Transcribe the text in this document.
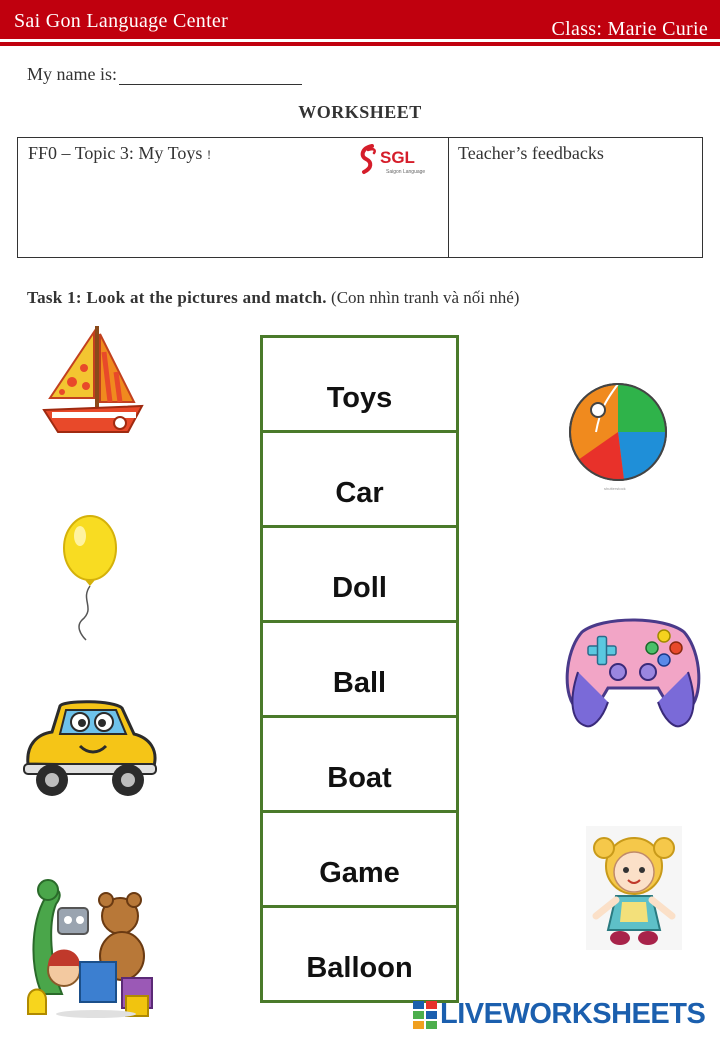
Sai Gon Language Center	Class: Marie Curie
My name is:
WORKSHEET
FF0 – Topic 3: My Toys !	SGL
Saigon Language
Teacher’s feedbacks
Task 1: Look at the pictures and match. (Con nhìn tranh và nối nhé)
Toys
Car
Doll
Ball
Boat
Game
Balloon
shutterstock
LIVEWORKSHEETS
